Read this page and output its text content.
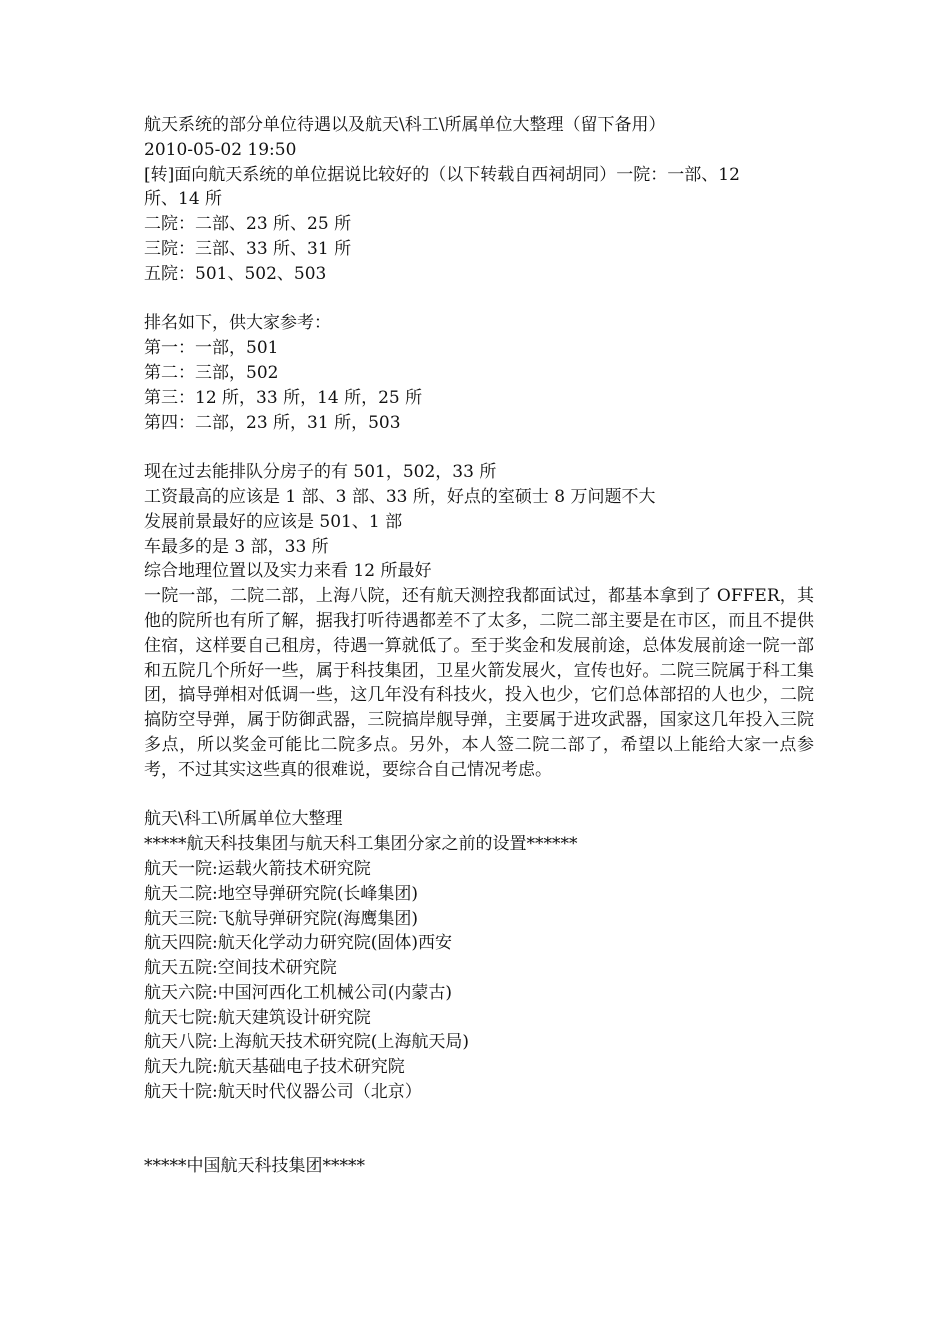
航天系统的部分单位待遇以及航天\科工\所属单位大整理（留下备用）
2010-05-02 19:50
[转]面向航天系统的单位据说比较好的（以下转载自西祠胡同）一院：一部、12
所、14 所
二院：二部、23 所、25 所
三院：三部、33 所、31 所
五院：501、502、503
排名如下，供大家参考：
第一：一部，501
第二：三部，502
第三：12 所，33 所，14 所，25 所
第四：二部，23 所，31 所，503
现在过去能排队分房子的有 501，502，33 所
工资最高的应该是 1 部、3 部、33 所，好点的室硕士 8 万问题不大
发展前景最好的应该是 501、1 部
车最多的是 3 部，33 所
综合地理位置以及实力来看 12 所最好
一院一部，二院二部，上海八院，还有航天测控我都面试过，都基本拿到了 OFFER，其他的院所也有所了解，据我打听待遇都差不了太多，二院二部主要是在市区，而且不提供住宿，这样要自己租房，待遇一算就低了。至于奖金和发展前途，总体发展前途一院一部和五院几个所好一些，属于科技集团，卫星火箭发展火，宣传也好。二院三院属于科工集团，搞导弹相对低调一些，这几年没有科技火，投入也少，它们总体部招的人也少，二院搞防空导弹，属于防御武器，三院搞岸舰导弹，主要属于进攻武器，国家这几年投入三院多点，所以奖金可能比二院多点。另外，本人签二院二部了，希望以上能给大家一点参考，不过其实这些真的很难说，要综合自己情况考虑。
航天\科工\所属单位大整理
*****航天科技集团与航天科工集团分家之前的设置******
航天一院:运载火箭技术研究院
航天二院:地空导弹研究院(长峰集团)
航天三院:飞航导弹研究院(海鹰集团)
航天四院:航天化学动力研究院(固体)西安
航天五院:空间技术研究院
航天六院:中国河西化工机械公司(内蒙古)
航天七院:航天建筑设计研究院
航天八院:上海航天技术研究院(上海航天局)
航天九院:航天基础电子技术研究院
航天十院:航天时代仪器公司（北京）
*****中国航天科技集团*****
